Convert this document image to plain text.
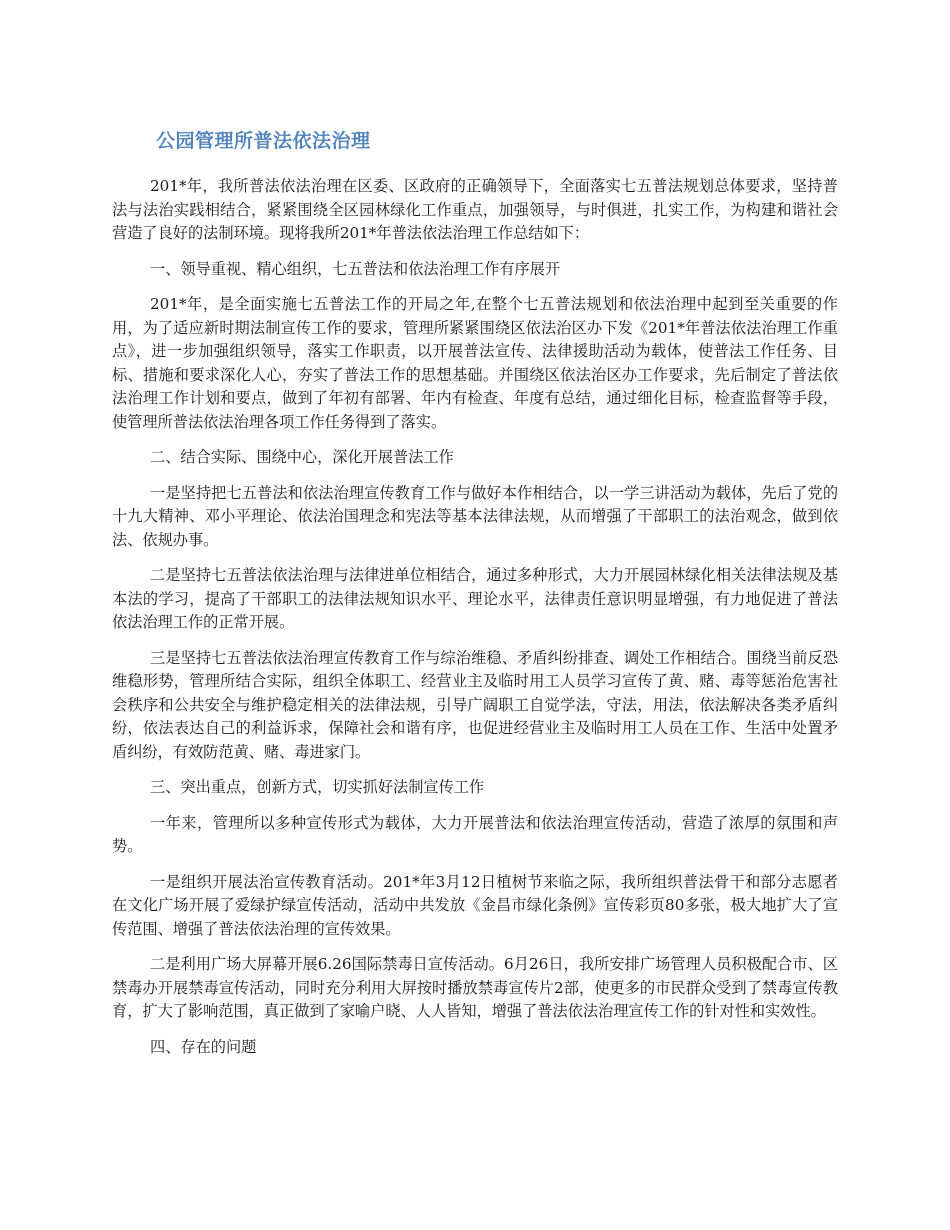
公园管理所普法依法治理

201*年，我所普法依法治理在区委、区政府的正确领导下，全面落实七五普法规划总体要求，坚持普法与法治实践相结合，紧紧围绕全区园林绿化工作重点，加强领导，与时俱进，扎实工作，为构建和谐社会营造了良好的法制环境。现将我所201*年普法依法治理工作总结如下：

一、领导重视、精心组织，七五普法和依法治理工作有序展开

201*年，是全面实施七五普法工作的开局之年,在整个七五普法规划和依法治理中起到至关重要的作用，为了适应新时期法制宣传工作的要求，管理所紧紧围绕区依法治区办下发《201*年普法依法治理工作重点》，进一步加强组织领导，落实工作职责，以开展普法宣传、法律援助活动为载体，使普法工作任务、目标、措施和要求深化人心，夯实了普法工作的思想基础。并围绕区依法治区办工作要求，先后制定了普法依法治理工作计划和要点，做到了年初有部署、年内有检查、年度有总结，通过细化目标，检查监督等手段，使管理所普法依法治理各项工作任务得到了落实。

二、结合实际、围绕中心，深化开展普法工作

一是坚持把七五普法和依法治理宣传教育工作与做好本作相结合，以一学三讲活动为载体，先后了党的十九大精神、邓小平理论、依法治国理念和宪法等基本法律法规，从而增强了干部职工的法治观念，做到依法、依规办事。

二是坚持七五普法依法治理与法律进单位相结合，通过多种形式，大力开展园林绿化相关法律法规及基本法的学习，提高了干部职工的法律法规知识水平、理论水平，法律责任意识明显增强，有力地促进了普法依法治理工作的正常开展。

三是坚持七五普法依法治理宣传教育工作与综治维稳、矛盾纠纷排查、调处工作相结合。围绕当前反恐维稳形势，管理所结合实际，组织全体职工、经营业主及临时用工人员学习宣传了黄、赌、毒等惩治危害社会秩序和公共安全与维护稳定相关的法律法规，引导广阔职工自觉学法，守法，用法，依法解决各类矛盾纠纷，依法表达自己的利益诉求，保障社会和谐有序，也促进经营业主及临时用工人员在工作、生活中处置矛盾纠纷，有效防范黄、赌、毒进家门。

三、突出重点，创新方式，切实抓好法制宣传工作

一年来，管理所以多种宣传形式为载体，大力开展普法和依法治理宣传活动，营造了浓厚的氛围和声势。

一是组织开展法治宣传教育活动。201*年3月12日植树节来临之际，我所组织普法骨干和部分志愿者在文化广场开展了爱绿护绿宣传活动，活动中共发放《金昌市绿化条例》宣传彩页80多张，极大地扩大了宣传范围、增强了普法依法治理的宣传效果。

二是利用广场大屏幕开展6.26国际禁毒日宣传活动。6月26日，我所安排广场管理人员积极配合市、区禁毒办开展禁毒宣传活动，同时充分利用大屏按时播放禁毒宣传片2部，使更多的市民群众受到了禁毒宣传教育，扩大了影响范围，真正做到了家喻户晓、人人皆知，增强了普法依法治理宣传工作的针对性和实效性。

四、存在的问题
